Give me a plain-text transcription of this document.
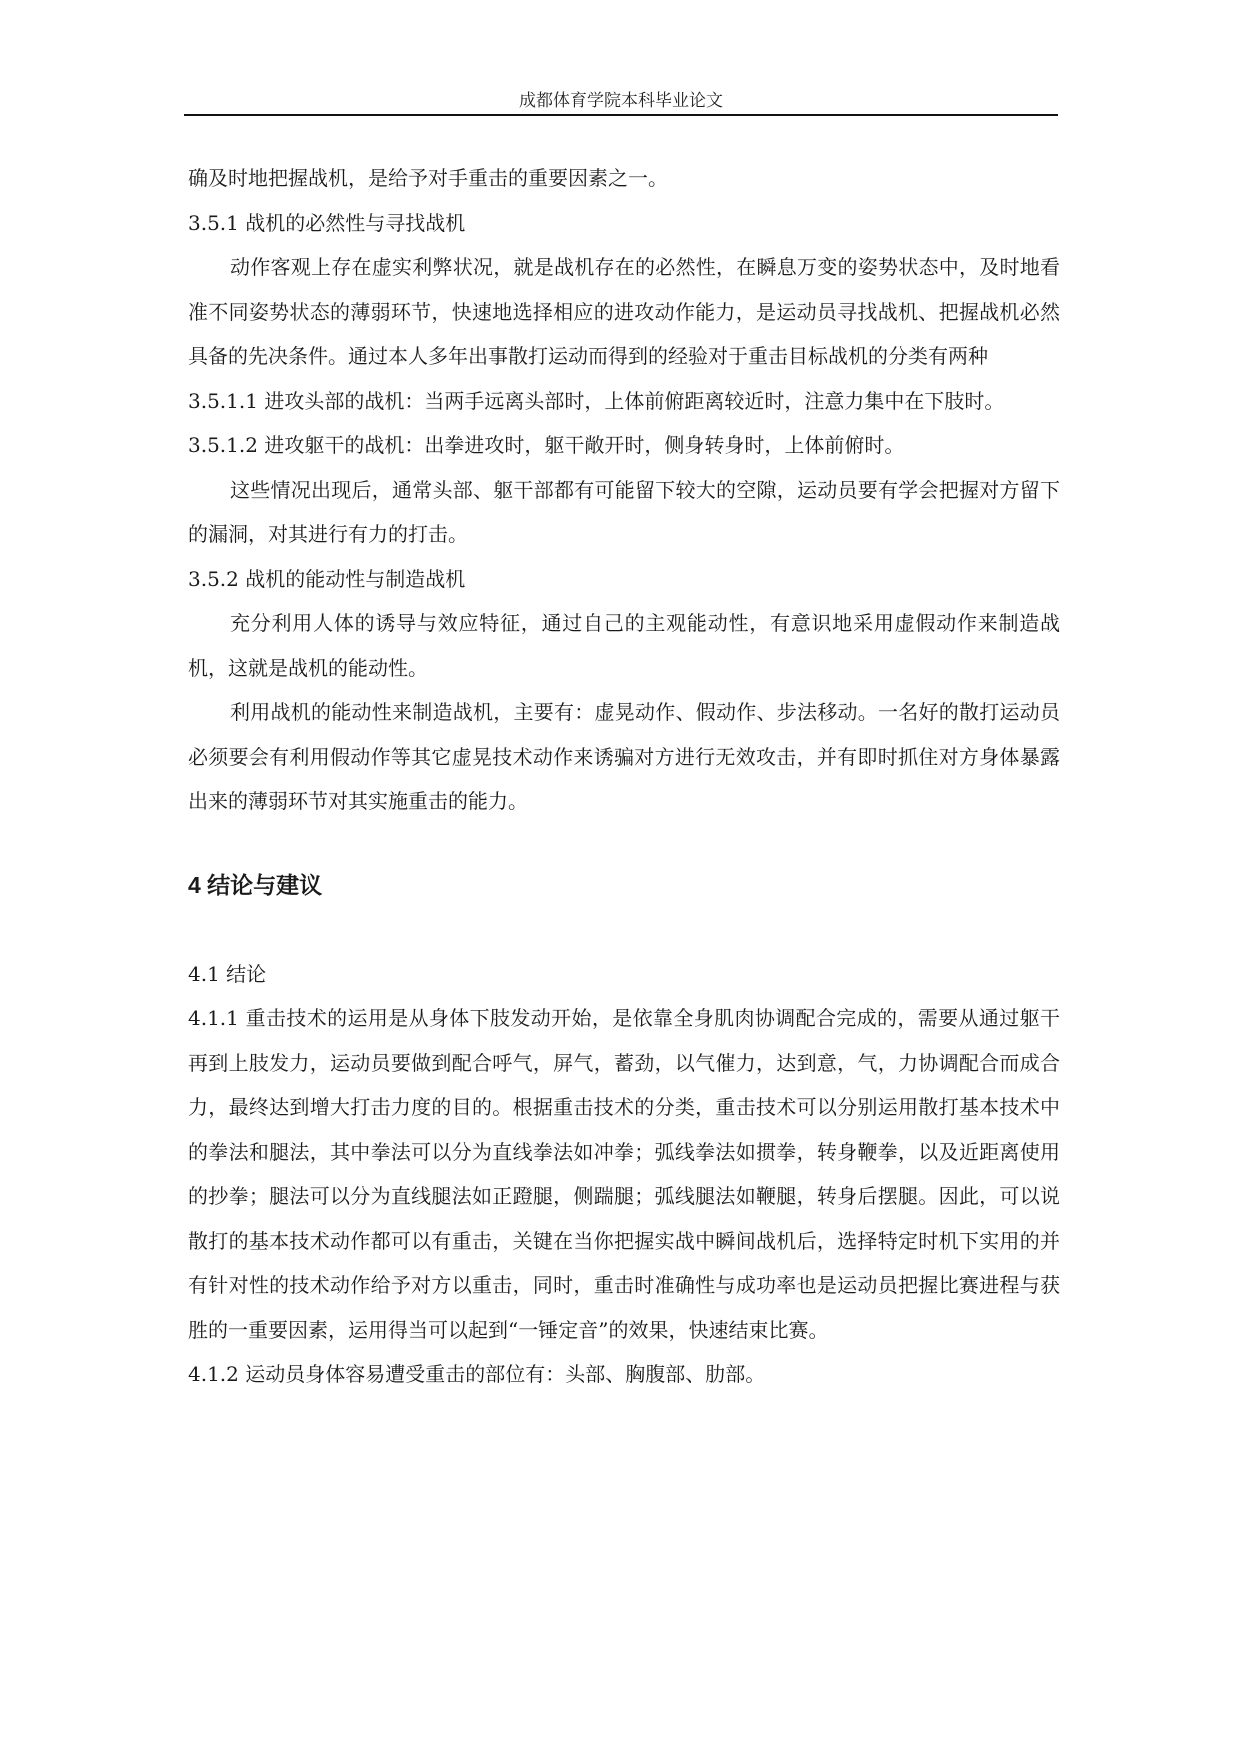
成都体育学院本科毕业论文

确及时地把握战机，是给予对手重击的重要因素之一。

3.5.1 战机的必然性与寻找战机

动作客观上存在虚实利弊状况，就是战机存在的必然性，在瞬息万变的姿势状态中，及时地看准不同姿势状态的薄弱环节，快速地选择相应的进攻动作能力，是运动员寻找战机、把握战机必然具备的先决条件。通过本人多年出事散打运动而得到的经验对于重击目标战机的分类有两种

3.5.1.1 进攻头部的战机：当两手远离头部时，上体前俯距离较近时，注意力集中在下肢时。

3.5.1.2 进攻躯干的战机：出拳进攻时，躯干敞开时，侧身转身时，上体前俯时。

这些情况出现后，通常头部、躯干部都有可能留下较大的空隙，运动员要有学会把握对方留下的漏洞，对其进行有力的打击。

3.5.2 战机的能动性与制造战机

充分利用人体的诱导与效应特征，通过自己的主观能动性，有意识地采用虚假动作来制造战机，这就是战机的能动性。

利用战机的能动性来制造战机，主要有：虚晃动作、假动作、步法移动。一名好的散打运动员必须要会有利用假动作等其它虚晃技术动作来诱骗对方进行无效攻击，并有即时抓住对方身体暴露出来的薄弱环节对其实施重击的能力。

4 结论与建议

4.1 结论

4.1.1 重击技术的运用是从身体下肢发动开始，是依靠全身肌肉协调配合完成的，需要从通过躯干再到上肢发力，运动员要做到配合呼气，屏气，蓄劲，以气催力，达到意，气，力协调配合而成合力，最终达到增大打击力度的目的。根据重击技术的分类，重击技术可以分别运用散打基本技术中的拳法和腿法，其中拳法可以分为直线拳法如冲拳；弧线拳法如掼拳，转身鞭拳，以及近距离使用的抄拳；腿法可以分为直线腿法如正蹬腿，侧踹腿；弧线腿法如鞭腿，转身后摆腿。因此，可以说散打的基本技术动作都可以有重击，关键在当你把握实战中瞬间战机后，选择特定时机下实用的并有针对性的技术动作给予对方以重击，同时，重击时准确性与成功率也是运动员把握比赛进程与获胜的一重要因素，运用得当可以起到“一锤定音”的效果，快速结束比赛。

4.1.2 运动员身体容易遭受重击的部位有：头部、胸腹部、肋部。
